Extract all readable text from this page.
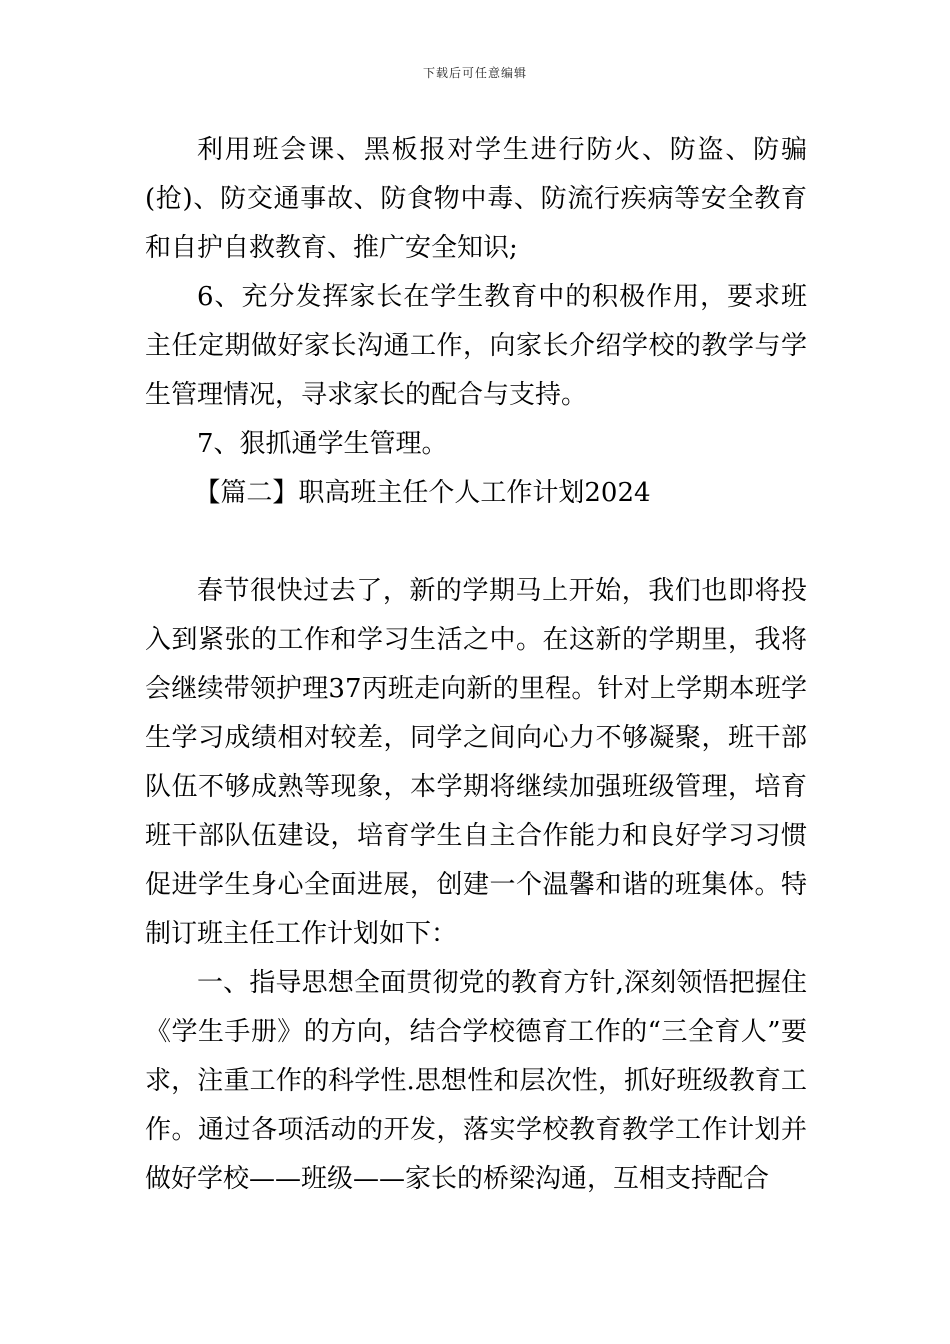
下载后可任意编辑

利用班会课、黑板报对学生进行防火、防盗、防骗(抢)、防交通事故、防食物中毒、防流行疾病等安全教育和自护自救教育、推广安全知识;

6、充分发挥家长在学生教育中的积极作用，要求班主任定期做好家长沟通工作，向家长介绍学校的教学与学生管理情况，寻求家长的配合与支持。

7、狠抓通学生管理。

【篇二】职高班主任个人工作计划2024

春节很快过去了，新的学期马上开始，我们也即将投入到紧张的工作和学习生活之中。在这新的学期里，我将会继续带领护理37丙班走向新的里程。针对上学期本班学生学习成绩相对较差，同学之间向心力不够凝聚，班干部队伍不够成熟等现象，本学期将继续加强班级管理，培育班干部队伍建设，培育学生自主合作能力和良好学习习惯促进学生身心全面进展，创建一个温馨和谐的班集体。特制订班主任工作计划如下：

一、指导思想全面贯彻党的教育方针,深刻领悟把握住《学生手册》的方向，结合学校德育工作的“三全育人”要求，注重工作的科学性.思想性和层次性，抓好班级教育工作。通过各项活动的开发，落实学校教育教学工作计划并做好学校——班级——家长的桥梁沟通，互相支持配合
